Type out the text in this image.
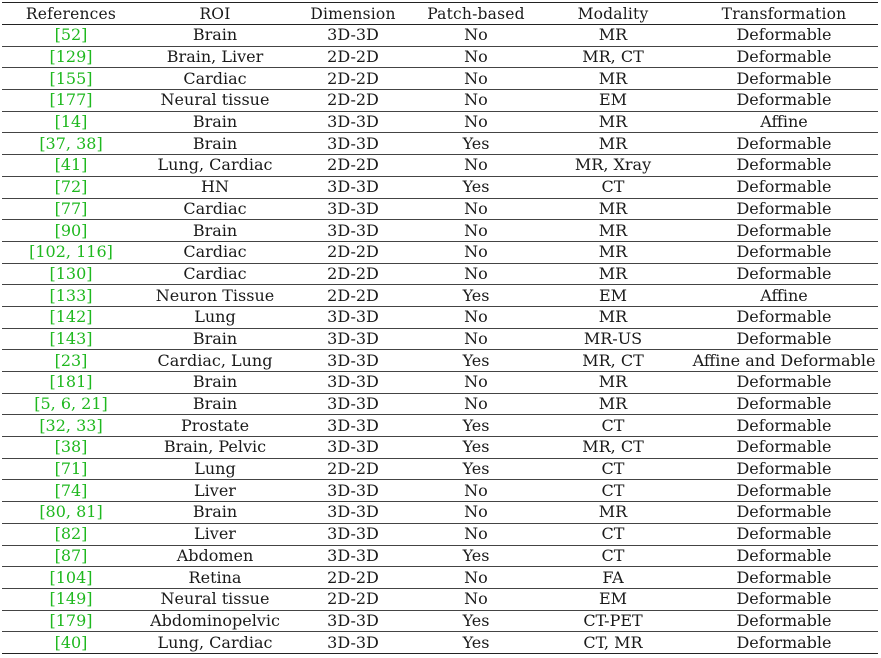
References	ROI	Dimension	Patch-based	Modality	Transformation
[52]	Brain	3D-3D	No	MR	Deformable
[129]	Brain, Liver	2D-2D	No	MR, CT	Deformable
[155]	Cardiac	2D-2D	No	MR	Deformable
[177]	Neural tissue	2D-2D	No	EM	Deformable
[14]	Brain	3D-3D	No	MR	Affine
[37, 38]	Brain	3D-3D	Yes	MR	Deformable
[41]	Lung, Cardiac	2D-2D	No	MR, Xray	Deformable
[72]	HN	3D-3D	Yes	CT	Deformable
[77]	Cardiac	3D-3D	No	MR	Deformable
[90]	Brain	3D-3D	No	MR	Deformable
[102, 116]	Cardiac	2D-2D	No	MR	Deformable
[130]	Cardiac	2D-2D	No	MR	Deformable
[133]	Neuron Tissue	2D-2D	Yes	EM	Affine
[142]	Lung	3D-3D	No	MR	Deformable
[143]	Brain	3D-3D	No	MR-US	Deformable
[23]	Cardiac, Lung	3D-3D	Yes	MR, CT	Affine and Deformable
[181]	Brain	3D-3D	No	MR	Deformable
[5, 6, 21]	Brain	3D-3D	No	MR	Deformable
[32, 33]	Prostate	3D-3D	Yes	CT	Deformable
[38]	Brain, Pelvic	3D-3D	Yes	MR, CT	Deformable
[71]	Lung	2D-2D	Yes	CT	Deformable
[74]	Liver	3D-3D	No	CT	Deformable
[80, 81]	Brain	3D-3D	No	MR	Deformable
[82]	Liver	3D-3D	No	CT	Deformable
[87]	Abdomen	3D-3D	Yes	CT	Deformable
[104]	Retina	2D-2D	No	FA	Deformable
[149]	Neural tissue	2D-2D	No	EM	Deformable
[179]	Abdominopelvic	3D-3D	Yes	CT-PET	Deformable
[40]	Lung, Cardiac	3D-3D	Yes	CT, MR	Deformable
